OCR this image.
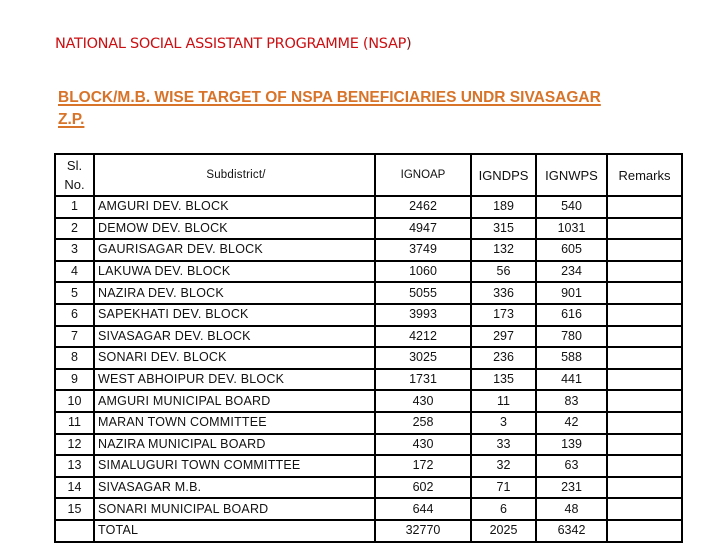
NATIONAL SOCIAL ASSISTANT PROGRAMME (NSAP)
BLOCK/M.B. WISE TARGET OF NSPA BENEFICIARIES UNDR SIVASAGAR Z.P.
Sl. No.	Subdistrict/	IGNOAP	IGNDPS	IGNWPS	Remarks
1	AMGURI DEV. BLOCK	2462	189	540	
2	DEMOW DEV. BLOCK	4947	315	1031	
3	GAURISAGAR DEV. BLOCK	3749	132	605	
4	LAKUWA DEV. BLOCK	1060	56	234	
5	NAZIRA DEV. BLOCK	5055	336	901	
6	SAPEKHATI DEV. BLOCK	3993	173	616	
7	SIVASAGAR DEV. BLOCK	4212	297	780	
8	SONARI DEV. BLOCK	3025	236	588	
9	WEST ABHOIPUR DEV. BLOCK	1731	135	441	
10	AMGURI MUNICIPAL BOARD	430	11	83	
11	MARAN TOWN COMMITTEE	258	3	42	
12	NAZIRA MUNICIPAL BOARD	430	33	139	
13	SIMALUGURI TOWN COMMITTEE	172	32	63	
14	SIVASAGAR M.B.	602	71	231	
15	SONARI MUNICIPAL BOARD	644	6	48	
	TOTAL	32770	2025	6342	
